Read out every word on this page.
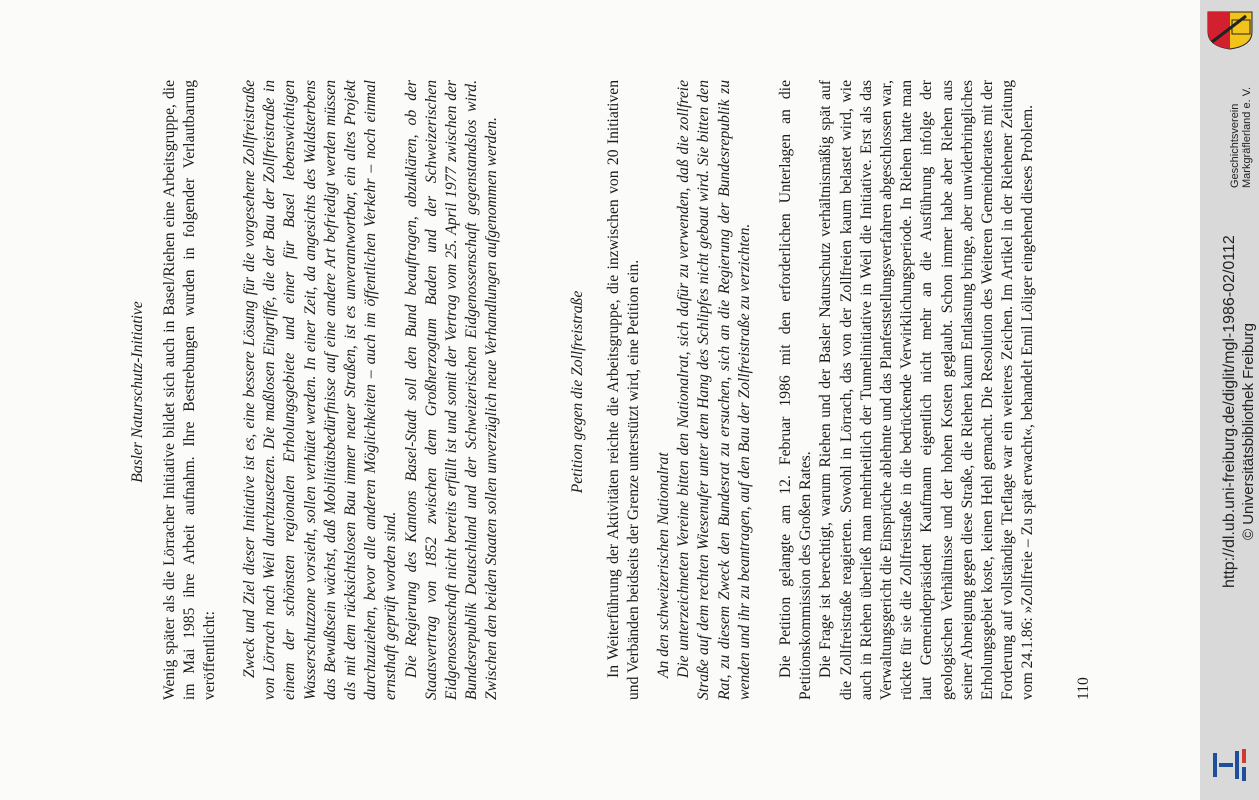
Basler Naturschutz-Initiative Wenig später als die Lörracher Initiative bildet sich auch in Basel/Riehen eine Arbeitsgruppe, die im Mai 1985 ihre Arbeit aufnahm. Ihre Bestrebungen wurden in folgender Verlautbarung veröffentlicht: Zweck und Ziel dieser Initiative ist es, eine bessere Lösung für die vorgesehene Zollfreistraße von Lörrach nach Weil durchzusetzen. Die maßlosen Eingriffe, die der Bau der Zollfreistraße in einem der schönsten regionalen Erholungsgebiete und einer für Basel lebenswichtigen Wasserschutzzone vorsieht, sollen verhütet werden. In einer Zeit, da angesichts des Waldsterbens das Bewußtsein wächst, daß Mobilitätsbedürfnisse auf eine andere Art befriedigt werden müssen als mit dem rücksichtslosen Bau immer neuer Straßen, ist es unverantwortbar, ein altes Projekt durchzuziehen, bevor alle anderen Möglichkeiten – auch im öffentlichen Verkehr – noch einmal ernsthaft geprüft worden sind. Die Regierung des Kantons Basel-Stadt soll den Bund beauftragen, abzuklären, ob der Staatsvertrag von 1852 zwischen dem Großherzogtum Baden und der Schweizerischen Eidgenossenschaft nicht bereits erfüllt ist und somit der Vertrag vom 25. April 1977 zwischen der Bundesrepublik Deutschland und der Schweizerischen Eidgenossenschaft gegenstandslos wird. Zwischen den beiden Staaten sollen unverzüglich neue Verhandlungen aufgenommen werden.	Petition gegen die Zollfreistraße In Weiterführung der Aktivitäten reichte die Arbeitsgruppe, die inzwischen von 20 Initiativen und Verbänden beidseits der Grenze unterstützt wird, eine Petition ein. An den schweizerischen Nationalrat Die unterzeichneten Vereine bitten den Nationalrat, sich dafür zu verwenden, daß die zollfreie Straße auf dem rechten Wiesenufer unter dem Hang des Schlipfes nicht gebaut wird. Sie bitten den Rat, zu diesem Zweck den Bundesrat zu ersuchen, sich an die Regierung der Bundesrepublik zu wenden und ihr zu beantragen, auf den Bau der Zollfreistraße zu verzichten. Die Petition gelangte am 12. Februar 1986 mit den erforderlichen Unterlagen an die Petitionskommission des Großen Rates. Die Frage ist berechtigt, warum Riehen und der Basler Naturschutz verhältnismäßig spät auf die Zollfreistraße reagierten. Sowohl in Lörrach, das von der Zollfreien kaum belastet wird, wie auch in Riehen überließ man mehrheitlich der Tunnelinitiative in Weil die Initiative. Erst als das Verwaltungsgericht die Einsprüche ablehnte und das Planfeststellungsverfahren abgeschlossen war, rückte für sie die Zollfreistraße in die bedrückende Verwirklichungsperiode. In Riehen hatte man laut Gemeindepräsident Kaufmann eigentlich nicht mehr an die Ausführung infolge der geologischen Verhältnisse und der hohen Kosten geglaubt. Schon immer habe aber Riehen aus seiner Abneigung gegen diese Straße, die Riehen kaum Entlastung bringe, aber unwiderbringliches Erholungsgebiet koste, keinen Hehl gemacht. Die Resolution des Weiteren Gemeinderates mit der Forderung auf vollständige Tieflage war ein weiteres Zeichen. Im Artikel in der Riehener Zeitung vom 24.1.86: »Zollfreie – Zu spät erwacht«, behandelt Emil Löliger eingehend dieses Problem. 110
Geschichtsverein Markgräflerland e. V.
http://dl.ub.uni-freiburg.de/diglit/mgl-1986-02/0112 © Universitätsbibliothek Freiburg
